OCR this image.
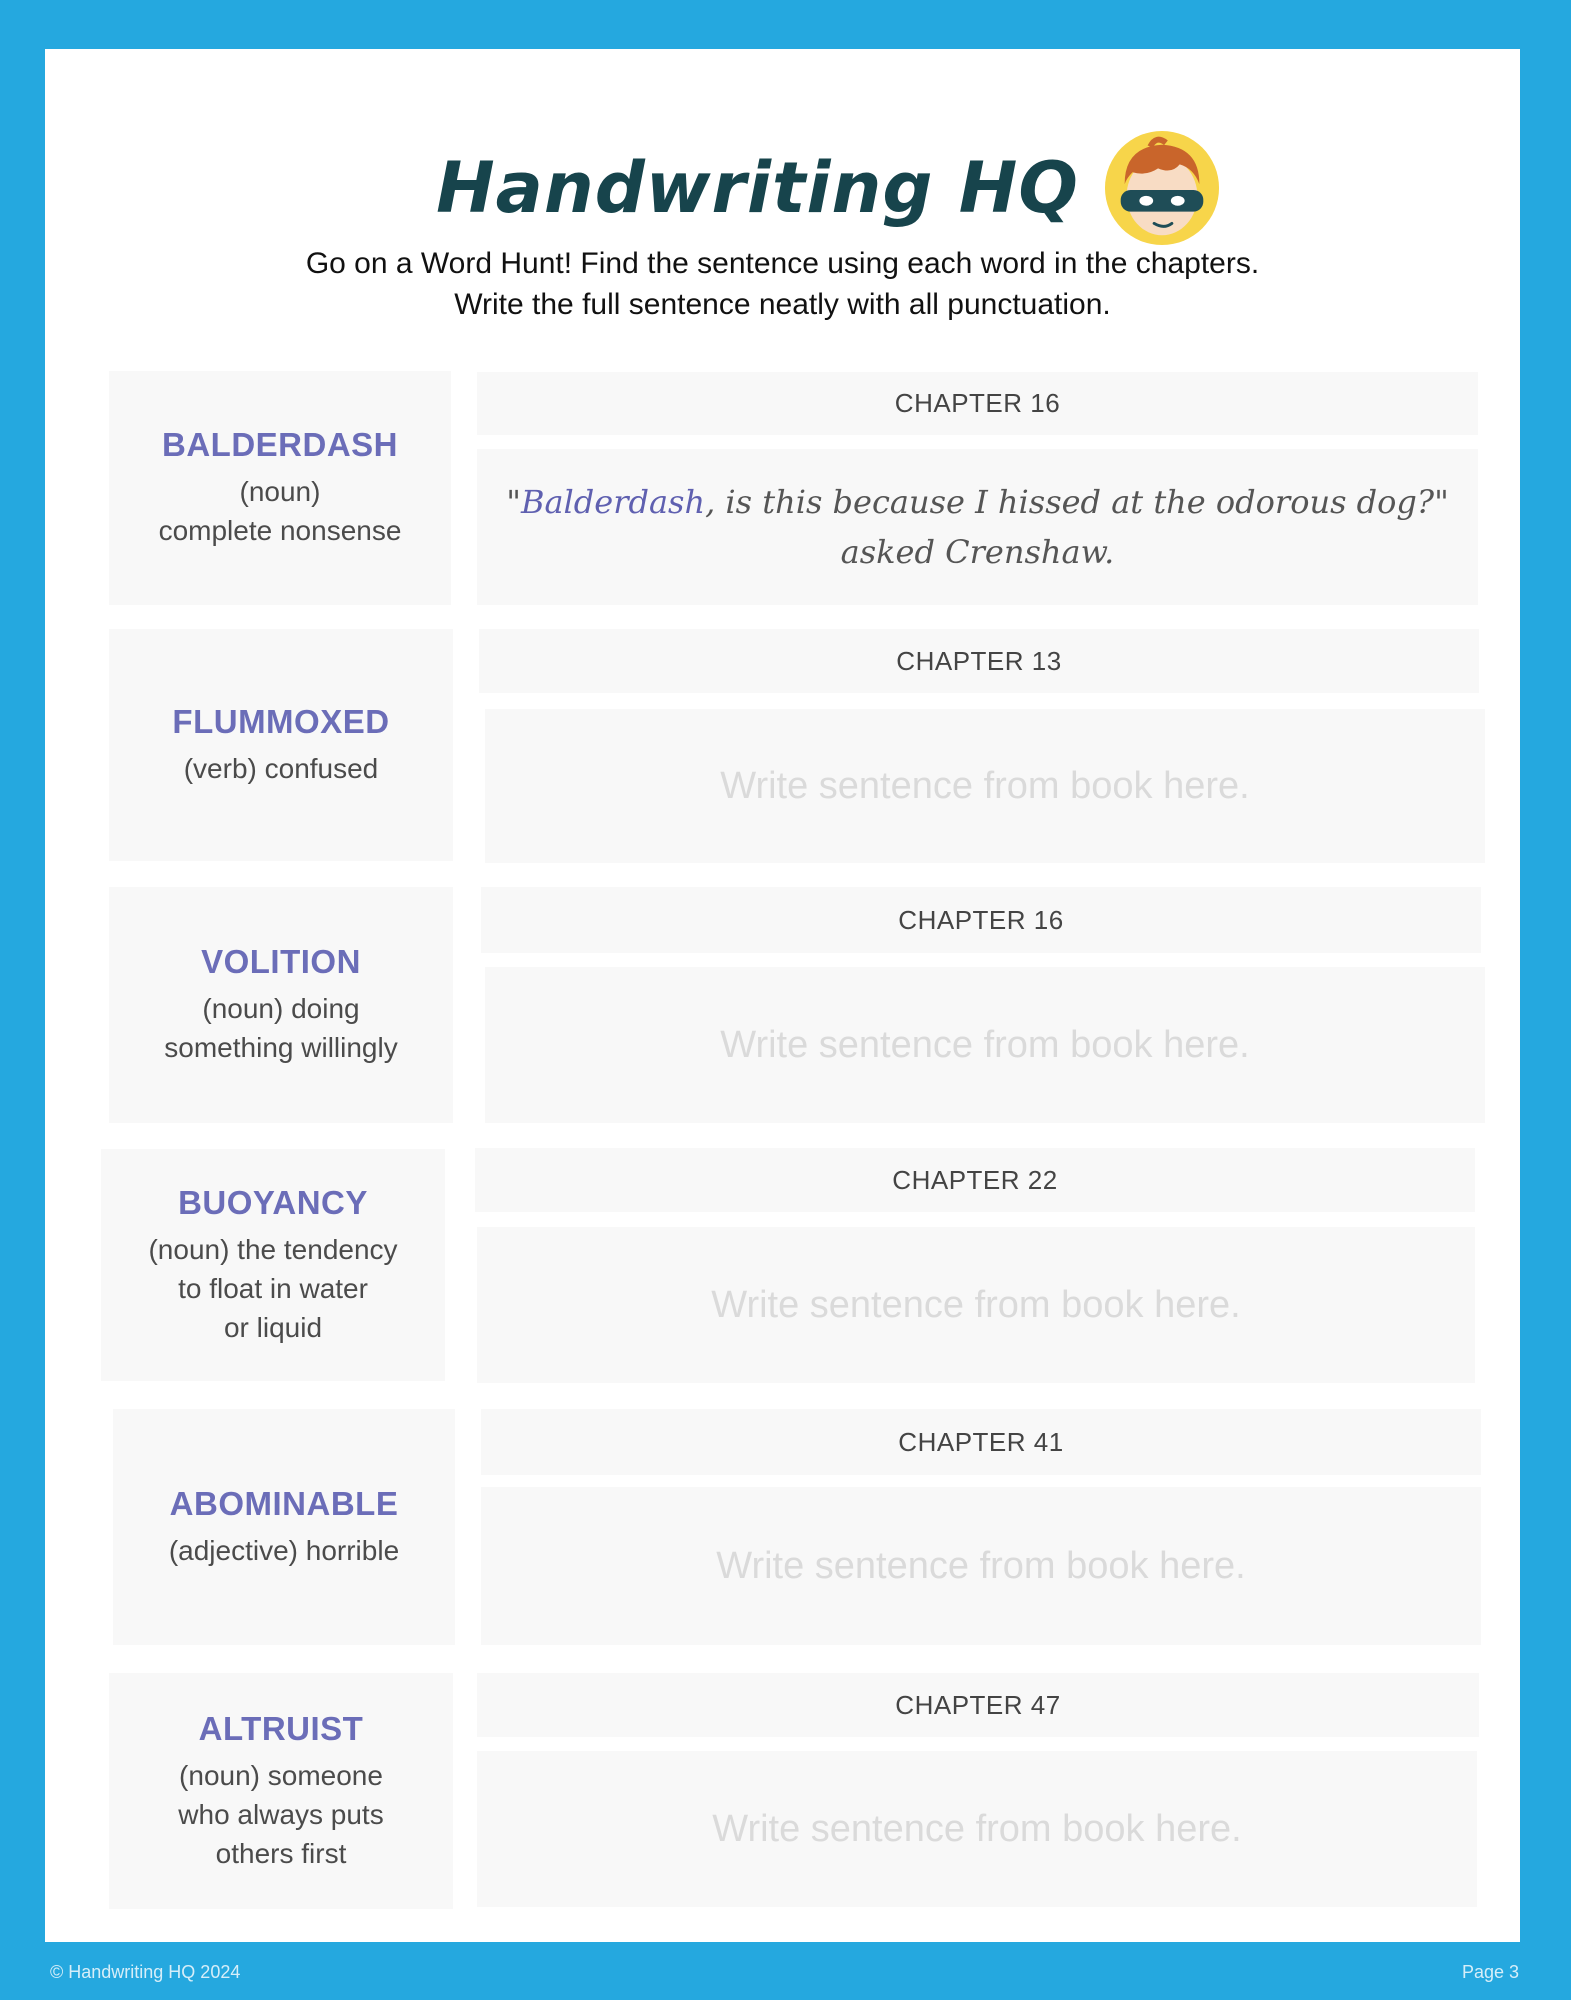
Handwriting HQ
Go on a Word Hunt! Find the sentence using each word in the chapters.
Write the full sentence neatly with all punctuation.
BALDERDASH
(noun)
complete nonsense
CHAPTER 16
"Balderdash, is this because I hissed at the odorous dog?"
asked Crenshaw.
FLUMMOXED
(verb) confused
CHAPTER 13
Write sentence from book here.
VOLITION
(noun) doing
something willingly
CHAPTER 16
Write sentence from book here.
BUOYANCY
(noun) the tendency
to float in water
or liquid
CHAPTER 22
Write sentence from book here.
ABOMINABLE
(adjective) horrible
CHAPTER 41
Write sentence from book here.
ALTRUIST
(noun) someone
who always puts
others first
CHAPTER 47
Write sentence from book here.
© Handwriting HQ 2024	Page 3
